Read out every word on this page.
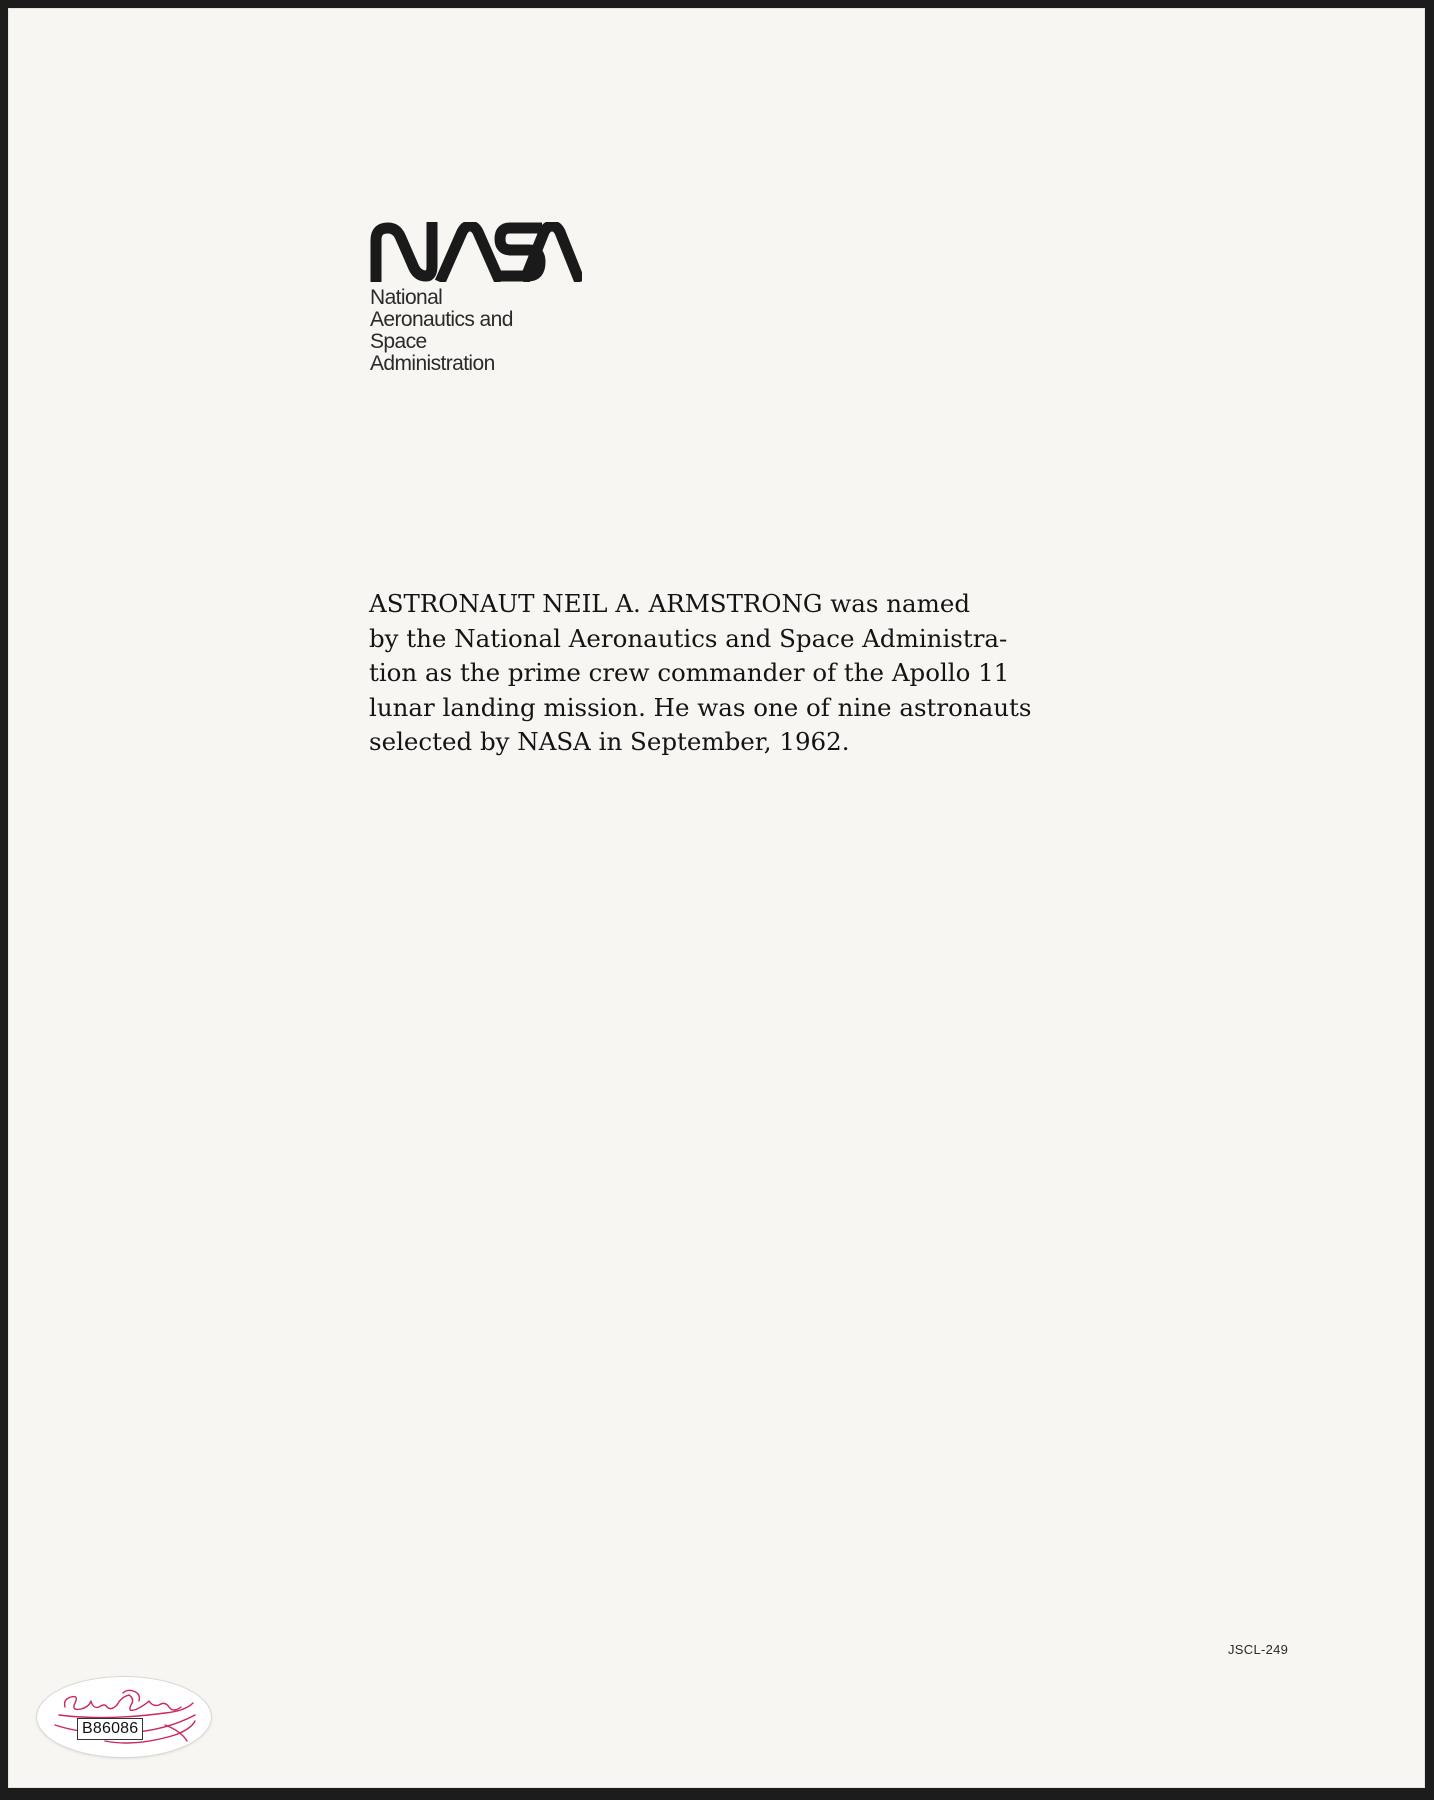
National
Aeronautics and
Space
Administration
ASTRONAUT NEIL A. ARMSTRONG was named
by the National Aeronautics and Space Administra-
tion as the prime crew commander of the Apollo 11
lunar landing mission. He was one of nine astronauts
selected by NASA in September, 1962.
JSCL-249
B86086
